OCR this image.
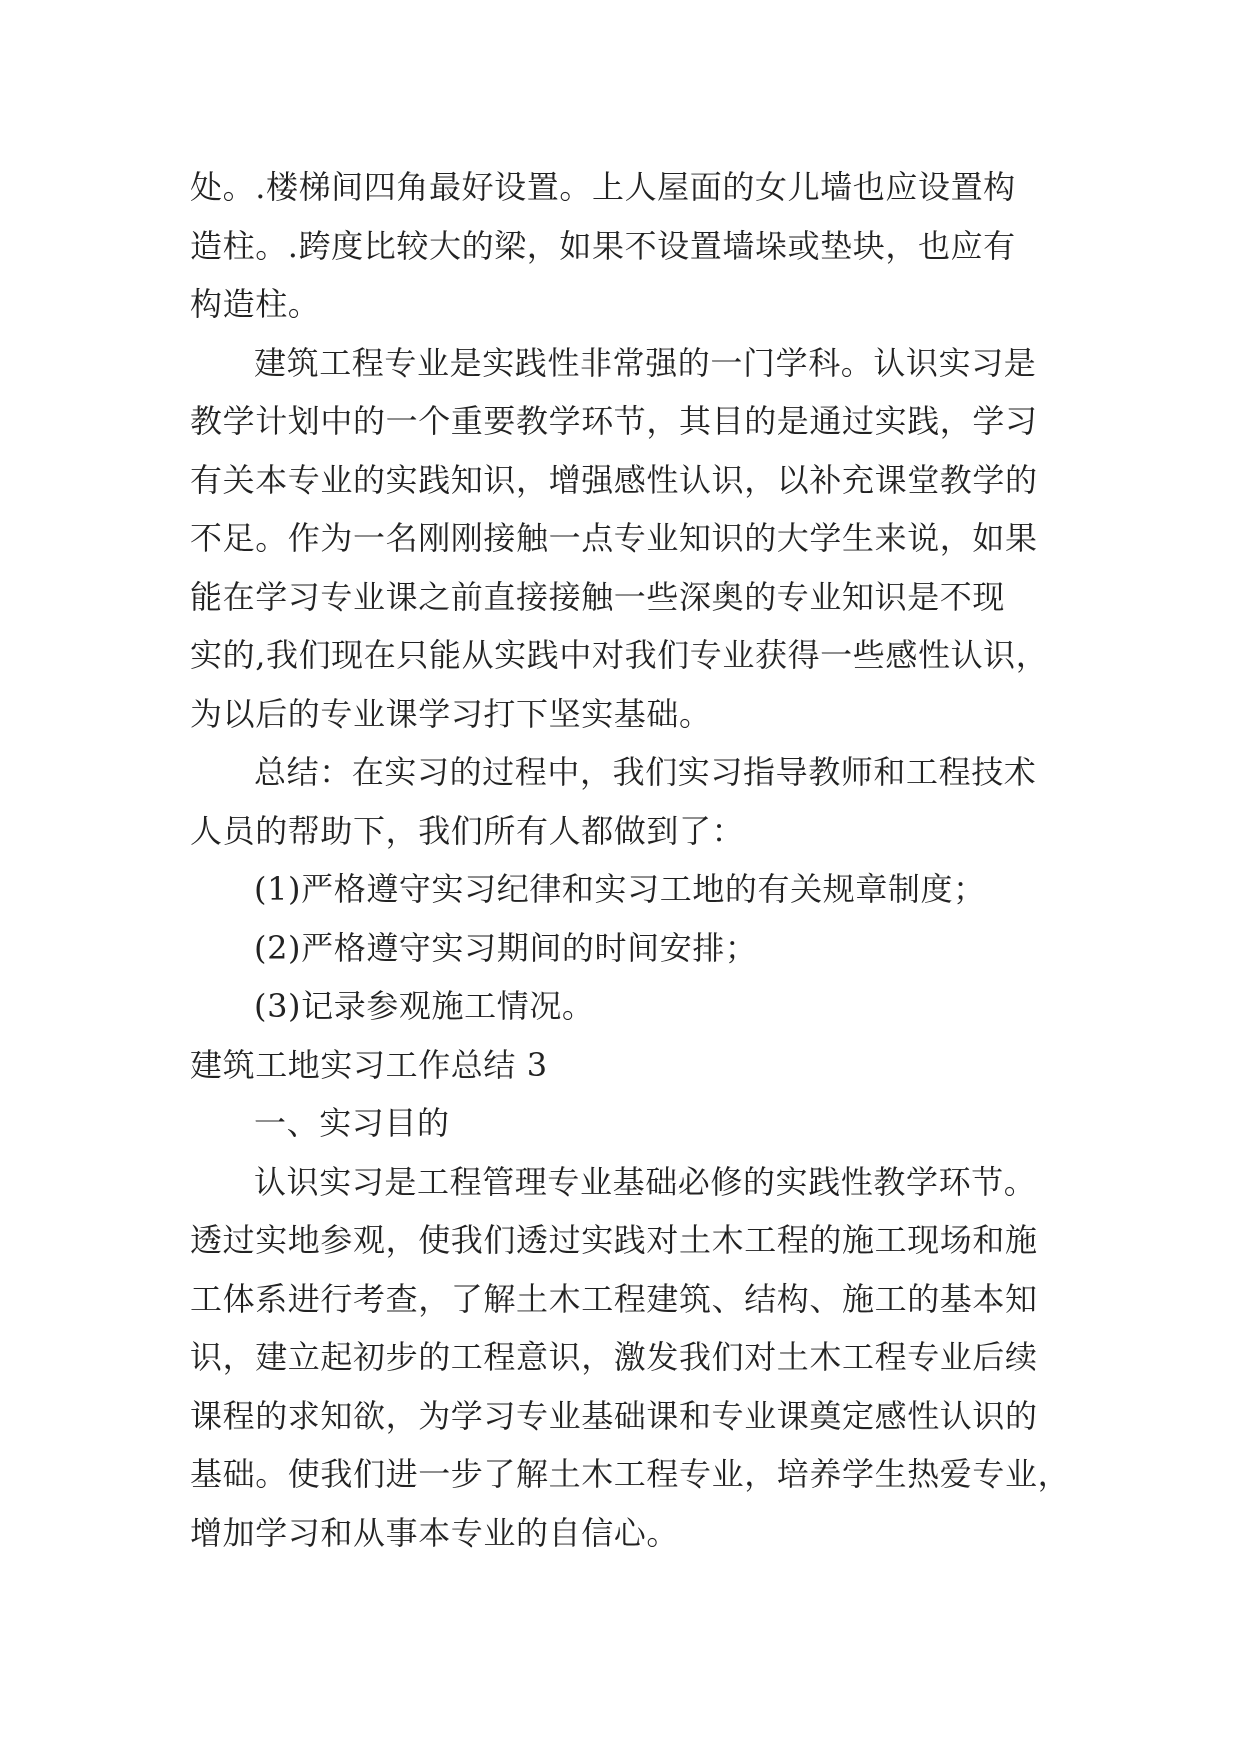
处。.楼梯间四角最好设置。上人屋面的女儿墙也应设置构
造柱。.跨度比较大的梁，如果不设置墙垛或垫块，也应有
构造柱。
建筑工程专业是实践性非常强的一门学科。认识实习是
教学计划中的一个重要教学环节，其目的是通过实践，学习
有关本专业的实践知识，增强感性认识，以补充课堂教学的
不足。作为一名刚刚接触一点专业知识的大学生来说，如果
能在学习专业课之前直接接触一些深奥的专业知识是不现
实的,我们现在只能从实践中对我们专业获得一些感性认识，
为以后的专业课学习打下坚实基础。
总结：在实习的过程中，我们实习指导教师和工程技术
人员的帮助下，我们所有人都做到了：
(1)严格遵守实习纪律和实习工地的有关规章制度；
(2)严格遵守实习期间的时间安排；
(3)记录参观施工情况。
建筑工地实习工作总结 3
一、实习目的
认识实习是工程管理专业基础必修的实践性教学环节。
透过实地参观，使我们透过实践对土木工程的施工现场和施
工体系进行考查，了解土木工程建筑、结构、施工的基本知
识，建立起初步的工程意识，激发我们对土木工程专业后续
课程的求知欲，为学习专业基础课和专业课奠定感性认识的
基础。使我们进一步了解土木工程专业，培养学生热爱专业，
增加学习和从事本专业的自信心。
